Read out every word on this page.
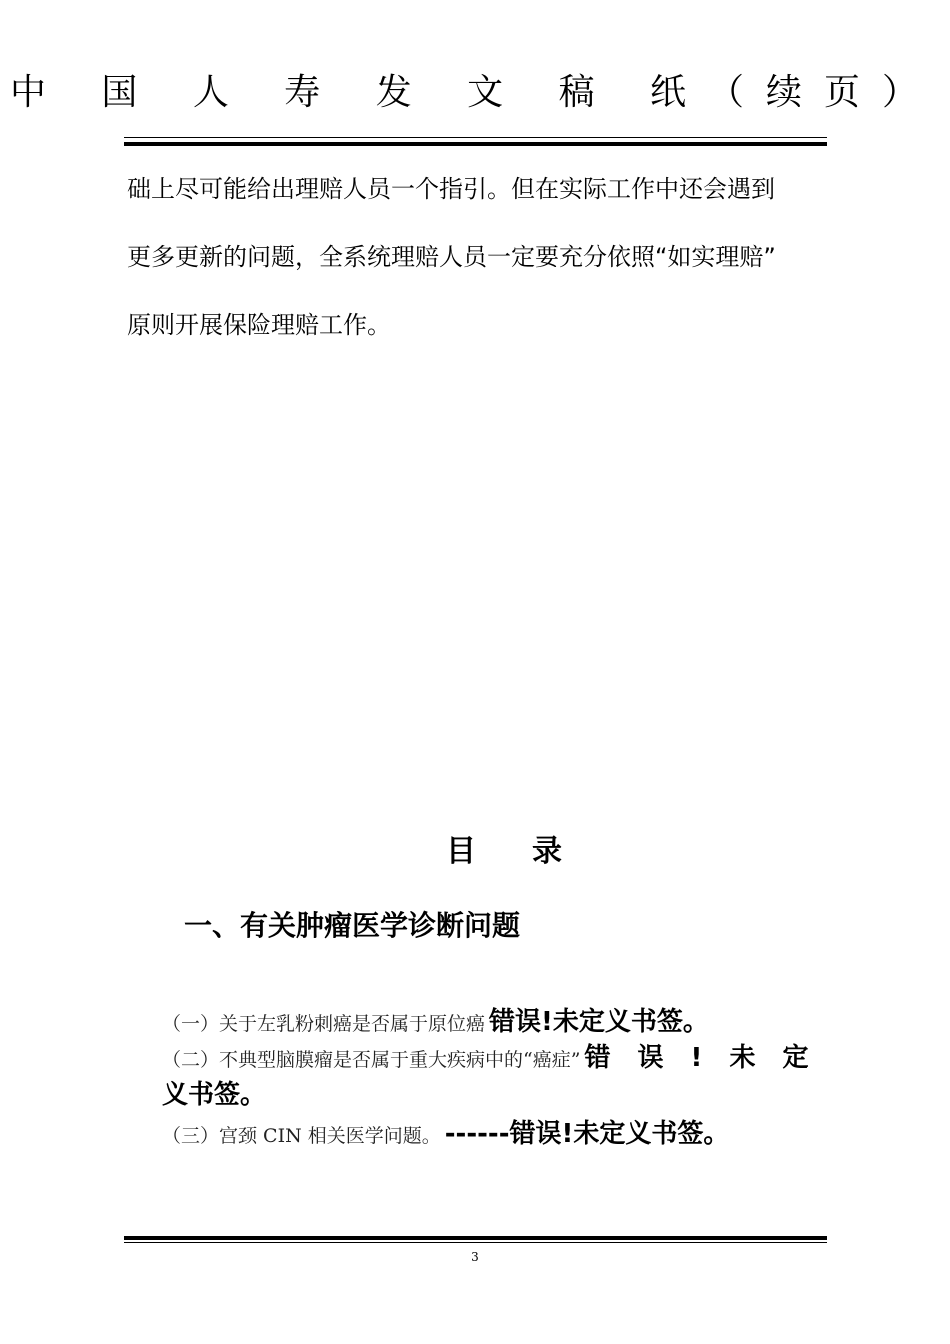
中 国 人 寿 发 文 稿 纸（续页）
础上尽可能给出理赔人员一个指引。但在实际工作中还会遇到
更多更新的问题，全系统理赔人员一定要充分依照“如实理赔”
原则开展保险理赔工作。
目 录
一、有关肿瘤医学诊断问题
（一）关于左乳粉刺癌是否属于原位癌 错误!未定义书签。
（二）不典型脑膜瘤是否属于重大疾病中的“癌症” 错 误 ! 未 定
义书签。
（三）宫颈 CIN 相关医学问题。 ------错误!未定义书签。
3
